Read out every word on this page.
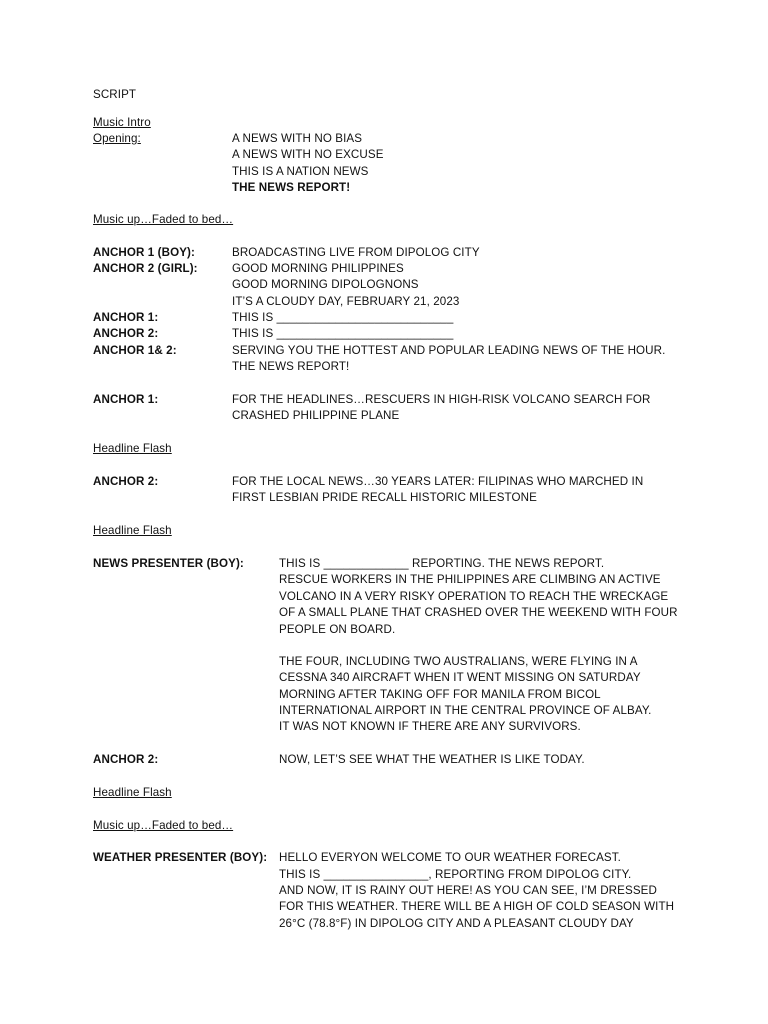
SCRIPT
Music Intro
Opening:	A NEWS WITH NO BIAS
A NEWS WITH NO EXCUSE
THIS IS A NATION NEWS
THE NEWS REPORT!
Music up…Faded to bed…
ANCHOR 1 (BOY):	BROADCASTING LIVE FROM DIPOLOG CITY
ANCHOR 2 (GIRL):	GOOD MORNING PHILIPPINES
GOOD MORNING DIPOLOGNONS
IT’S A CLOUDY DAY, FEBRUARY 21, 2023
ANCHOR 1:	THIS IS ___________________________
ANCHOR 2:	THIS IS ___________________________
ANCHOR 1& 2:	SERVING YOU THE HOTTEST AND POPULAR LEADING NEWS OF THE HOUR.
THE NEWS REPORT!
ANCHOR 1:	FOR THE HEADLINES…RESCUERS IN HIGH-RISK VOLCANO SEARCH FOR
CRASHED PHILIPPINE PLANE
Headline Flash
ANCHOR 2:	FOR THE LOCAL NEWS…30 YEARS LATER: FILIPINAS WHO MARCHED IN
FIRST LESBIAN PRIDE RECALL HISTORIC MILESTONE
Headline Flash
NEWS PRESENTER (BOY):	THIS IS _____________ REPORTING. THE NEWS REPORT.
RESCUE WORKERS IN THE PHILIPPINES ARE CLIMBING AN ACTIVE
VOLCANO IN A VERY RISKY OPERATION TO REACH THE WRECKAGE
OF A SMALL PLANE THAT CRASHED OVER THE WEEKEND WITH FOUR
PEOPLE ON BOARD.
THE FOUR, INCLUDING TWO AUSTRALIANS, WERE FLYING IN A
CESSNA 340 AIRCRAFT WHEN IT WENT MISSING ON SATURDAY
MORNING AFTER TAKING OFF FOR MANILA FROM BICOL
INTERNATIONAL AIRPORT IN THE CENTRAL PROVINCE OF ALBAY.
IT WAS NOT KNOWN IF THERE ARE ANY SURVIVORS.
ANCHOR 2:	NOW, LET’S SEE WHAT THE WEATHER IS LIKE TODAY.
Headline Flash
Music up…Faded to bed…
WEATHER PRESENTER (BOY): HELLO EVERYON WELCOME TO OUR WEATHER FORECAST.
THIS IS ________________, REPORTING FROM DIPOLOG CITY.
AND NOW, IT IS RAINY OUT HERE! AS YOU CAN SEE, I’M DRESSED
FOR THIS WEATHER. THERE WILL BE A HIGH OF COLD SEASON WITH
26°C (78.8°F) IN DIPOLOG CITY AND A PLEASANT CLOUDY DAY
